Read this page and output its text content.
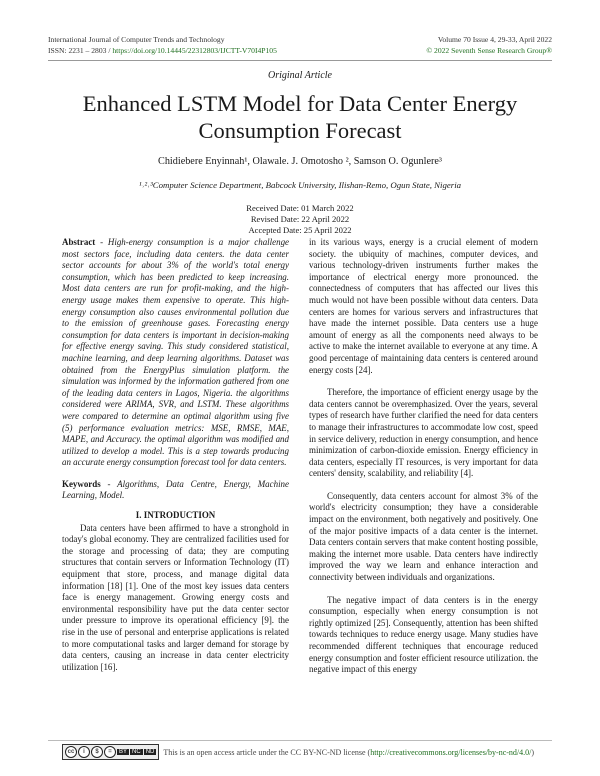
International Journal of Computer Trends and Technology
ISSN: 2231 – 2803 / https://doi.org/10.14445/22312803/IJCTT-V70I4P105
Volume 70 Issue 4, 29-33, April 2022
© 2022 Seventh Sense Research Group®
Original Article
Enhanced LSTM Model for Data Center Energy Consumption Forecast
Chidiebere Enyinnah¹, Olawale. J. Omotosho ², Samson O. Ogunlere³
¹˒²˒³Computer Science Department, Babcock University, Ilishan-Remo, Ogun State, Nigeria
Received Date: 01 March 2022
Revised Date: 22 April 2022
Accepted Date: 25 April 2022

Abstract - High-energy consumption is a major challenge most sectors face, including data centers. the data center sector accounts for about 3% of the world's total energy consumption, which has been predicted to keep increasing. Most data centers are run for profit-making, and the high-energy usage makes them expensive to operate. This high-energy consumption also causes environmental pollution due to the emission of greenhouse gases. Forecasting energy consumption for data centers is important in decision-making for effective energy saving. This study considered statistical, machine learning, and deep learning algorithms. Dataset was obtained from the EnergyPlus simulation platform. the simulation was informed by the information gathered from one of the leading data centers in Lagos, Nigeria. the algorithms considered were ARIMA, SVR, and LSTM. These algorithms were compared to determine an optimal algorithm using five (5) performance evaluation metrics: MSE, RMSE, MAE, MAPE, and Accuracy. the optimal algorithm was modified and utilized to develop a model. This is a step towards producing an accurate energy consumption forecast tool for data centers.

Keywords - Algorithms, Data Centre, Energy, Machine Learning, Model.

I. INTRODUCTION

Data centers have been affirmed to have a stronghold in today's global economy. They are centralized facilities used for the storage and processing of data; they are computing structures that contain servers or Information Technology (IT) equipment that store, process, and manage digital data information [18] [1]. One of the most key issues data centers face is energy management. Growing energy costs and environmental responsibility have put the data center sector under pressure to improve its operational efficiency [9]. the rise in the use of personal and enterprise applications is related to more computational tasks and larger demand for storage by data centers, causing an increase in data center electricity utilization [16].

in its various ways, energy is a crucial element of modern society. the ubiquity of machines, computer devices, and various technology-driven instruments further makes the importance of electrical energy more pronounced. the connectedness of computers that has affected our lives this much would not have been possible without data centers. Data centers are homes for various servers and infrastructures that have made the internet possible. Data centers use a huge amount of energy as all the components need always to be active to make the internet available to everyone at any time. A good percentage of maintaining data centers is centered around energy costs [24].

Therefore, the importance of efficient energy usage by the data centers cannot be overemphasized. Over the years, several types of research have further clarified the need for data centers to manage their infrastructures to accommodate low cost, speed in service delivery, reduction in energy consumption, and hence minimization of carbon-dioxide emission. Energy efficiency in data centers, especially IT resources, is very important for data centers' density, scalability, and reliability [4].

Consequently, data centers account for almost 3% of the world's electricity consumption; they have a considerable impact on the environment, both negatively and positively. One of the major positive impacts of a data center is the internet. Data centers contain servers that make content hosting possible, making the internet more usable. Data centers have indirectly improved the way we learn and enhance interaction and connectivity between individuals and organizations.

The negative impact of data centers is in the energy consumption, especially when energy consumption is not rightly optimized [25]. Consequently, attention has been shifted towards techniques to reduce energy usage. Many studies have recommended different techniques that encourage reduced energy consumption and foster efficient resource utilization. the negative impact of this energy

cc	i	$	=	BY NC ND This is an open access article under the CC BY-NC-ND license (http://creativecommons.org/licenses/by-nc-nd/4.0/)
